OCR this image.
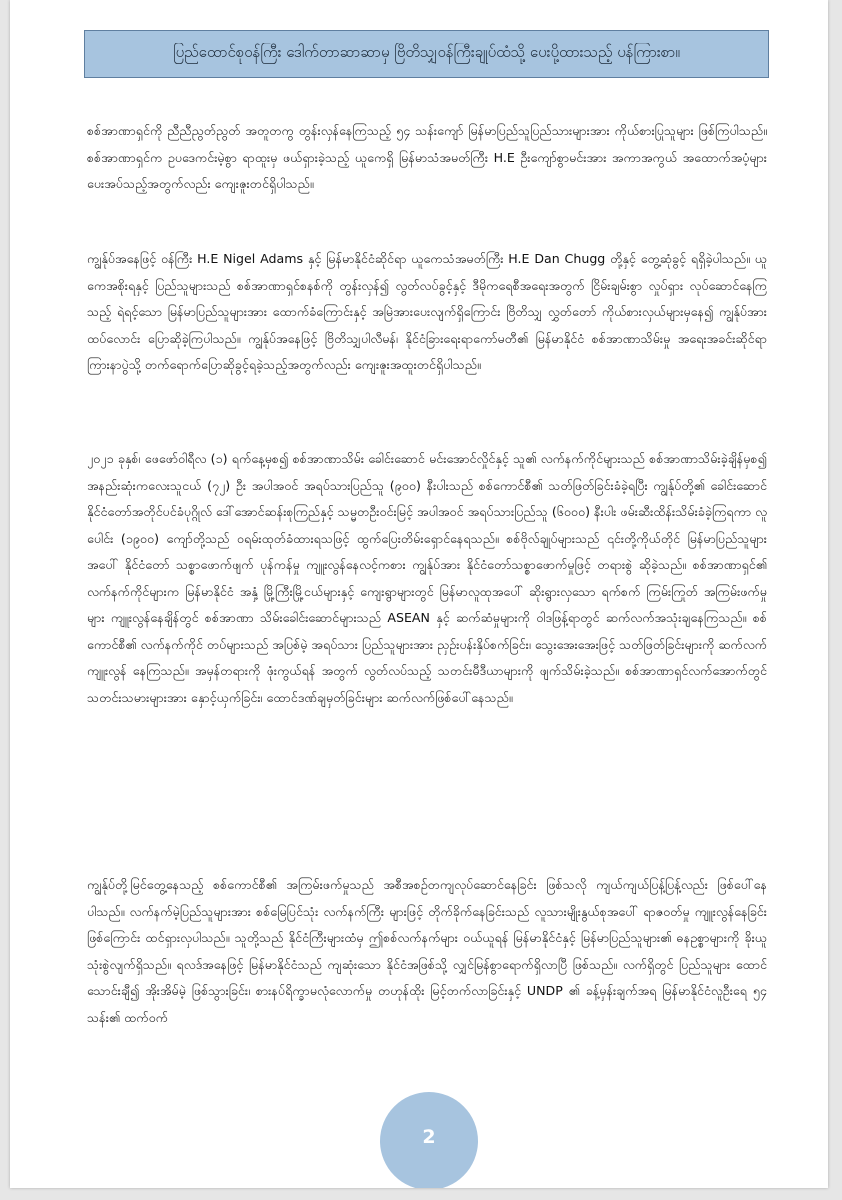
ပြည်ထောင်စုဝန်ကြီး ဒေါက်တာဆာဆာမှ ဗြိတိသျှဝန်ကြီးချုပ်ထံသို့ ပေးပို့ထားသည့် ပန်ကြားစာ။

စစ်အာဏာရှင်ကို ညီညီညွတ်ညွတ် အတူတကွ တွန်းလှန်နေကြသည့် ၅၄ သန်းကျော် မြန်မာပြည်သူပြည်သားများအား ကိုယ်စားပြုသူများ ဖြစ်ကြပါသည်။ စစ်အာဏာရှင်က ဥပဒေကင်းမဲ့စွာ ရာထူးမှ ဖယ်ရှားခဲ့သည့် ယူကေရှိ မြန်မာသံအမတ်ကြီး H.E ဦးကျော်စွာမင်းအား အကာအကွယ် အထောက်အပံ့များ ပေးအပ်သည့်အတွက်လည်း ကျေးဇူးတင်ရှိပါသည်။

ကျွန်ုပ်အနေဖြင့် ဝန်ကြီး H.E Nigel Adams နှင့် မြန်မာနိုင်ငံဆိုင်ရာ ယူကေသံအမတ်ကြီး H.E Dan Chugg တို့နှင့် တွေ့ဆုံခွင့် ရရှိခဲ့ပါသည်။ ယူကေအစိုးရနှင့် ပြည်သူများသည် စစ်အာဏာရှင်စနစ်ကို တွန်းလှန်၍ လွတ်လပ်ခွင့်နှင့် ဒီမိုကရေစီအရေးအတွက် ငြိမ်းချမ်းစွာ လှုပ်ရှား လုပ်ဆောင်နေကြသည့် ရဲရင့်သော မြန်မာပြည်သူများအား ထောက်ခံကြောင်းနှင့် အမြဲအားပေးလျက်ရှိကြောင်း ဗြိတိသျှ လွှတ်တော် ကိုယ်စားလှယ်များမှနေ၍ ကျွန်ုပ်အား ထပ်လောင်း ပြောဆိုခဲ့ကြပါသည်။ ကျွန်ုပ်အနေဖြင့် ဗြိတိသျှပါလီမန်၊ နိုင်ငံခြားရေးရာကော်မတီ၏ မြန်မာနိုင်ငံ စစ်အာဏာသိမ်းမှု အရေးအခင်းဆိုင်ရာ ကြားနာပွဲသို့ တက်ရောက်ပြောဆိုခွင့်ရခဲ့သည့်အတွက်လည်း ကျေးဇူးအထူးတင်ရှိပါသည်။

၂၀၂၁ ခုနှစ်၊ ဖေဖော်ဝါရီလ (၁) ရက်နေ့မှစ၍ စစ်အာဏာသိမ်း ခေါင်းဆောင် မင်းအောင်လှိုင်နှင့် သူ၏ လက်နက်ကိုင်များသည် စစ်အာဏာသိမ်းခဲ့ချိန်မှစ၍ အနည်းဆုံးကလေးသူငယ် (၇၂) ဦး အပါအဝင် အရပ်သားပြည်သူ (၉၀၀) နီးပါးသည် စစ်ကောင်စီ၏ သတ်ဖြတ်ခြင်းခံခဲ့ရပြီး ကျွန်ုပ်တို့၏ ခေါင်းဆောင် နိုင်ငံတော်အတိုင်ပင်ခံပုဂ္ဂိုလ် ဒေါ်အောင်ဆန်းစုကြည်နှင့် သမ္မတဦးဝင်းမြင့် အပါအဝင် အရပ်သားပြည်သူ (၆၀၀၀) နီးပါး ဖမ်းဆီးထိန်းသိမ်းခံခဲ့ကြရကာ လူပေါင်း (၁၉၀၀) ကျော်တို့သည် ဝရမ်းထုတ်ခံထားရသဖြင့် ထွက်ပြေးတိမ်းရှောင်နေရသည်။ စစ်ဗိုလ်ချုပ်များသည် ၎င်းတို့ကိုယ်တိုင် မြန်မာပြည်သူများအပေါ် နိုင်ငံတော် သစ္စာဖောက်ဖျက် ပုန်ကန်မှု ကျူးလွန်နေလင့်ကစား ကျွန်ုပ်အား နိုင်ငံတော်သစ္စာဖောက်မှုဖြင့် တရားစွဲ ဆိုခဲ့သည်။ စစ်အာဏာရှင်၏ လက်နက်ကိုင်များက မြန်မာနိုင်ငံ အနှံ့ မြို့ကြီးမြို့ငယ်များနှင့် ကျေးရွာများတွင် မြန်မာလူထုအပေါ် ဆိုးရွားလှသော ရက်စက် ကြမ်းကြုတ် အကြမ်းဖက်မှုများ ကျူးလွန်နေချိန်တွင် စစ်အာဏာ သိမ်းခေါင်းဆောင်များသည် ASEAN နှင့် ဆက်ဆံမှုများကို ဝါဒဖြန့်ရာတွင် ဆက်လက်အသုံးချနေကြသည်။ စစ်ကောင်စီ၏ လက်နက်ကိုင် တပ်များသည် အပြစ်မဲ့ အရပ်သား ပြည်သူများအား ညှဉ်းပန်းနှိပ်စက်ခြင်း၊ သွေးအေးအေးဖြင့် သတ်ဖြတ်ခြင်းများကို ဆက်လက်ကျူးလွန် နေကြသည်။ အမှန်တရားကို ဖုံးကွယ်ရန် အတွက် လွတ်လပ်သည့် သတင်းမီဒီယာများကို ဖျက်သိမ်းခဲ့သည်။ စစ်အာဏာရှင်လက်အောက်တွင် သတင်းသမားများအား နှောင့်ယှက်ခြင်း၊ ထောင်ဒဏ်ချမှတ်ခြင်းများ ဆက်လက်ဖြစ်ပေါ်နေသည်။

ကျွန်ုပ်တို့မြင်တွေ့နေသည့် စစ်ကောင်စီ၏ အကြမ်းဖက်မှုသည် အစီအစဉ်တကျလုပ်ဆောင်နေခြင်း ဖြစ်သလို ကျယ်ကျယ်ပြန့်ပြန့်လည်း ဖြစ်ပေါ်နေပါသည်။ လက်နက်မဲ့ပြည်သူများအား စစ်မြေပြင်သုံး လက်နက်ကြီး များဖြင့် တိုက်ခိုက်နေခြင်းသည် လူသားမျိုးနွယ်စုအပေါ် ရာဇဝတ်မှု ကျူးလွန်နေခြင်း ဖြစ်ကြောင်း ထင်ရှားလှပါသည်။ သူတို့သည် နိုင်ငံကြီးများထံမှ ဤစစ်လက်နက်များ ဝယ်ယူရန် မြန်မာနိုင်ငံနှင့် မြန်မာပြည်သူများ၏ ဓနဥစ္စာများကို ခိုးယူသုံးစွဲလျက်ရှိသည်။ ရလဒ်အနေဖြင့် မြန်မာနိုင်ငံသည် ကျဆုံးသော နိုင်ငံအဖြစ်သို့ လျှင်မြန်စွာရောက်ရှိလာပြီ ဖြစ်သည်။ လက်ရှိတွင် ပြည်သူများ ထောင်သောင်းချီ၍ အိုးအိမ်မဲ့ ဖြစ်သွားခြင်း၊ စားနပ်ရိက္ခာမလုံလောက်မှု တဟုန်ထိုး မြင့်တက်လာခြင်းနှင့် UNDP ၏ ခန့်မှန်းချက်အရ မြန်မာနိုင်ငံလူဦးရေ ၅၄ သန်း၏ ထက်ဝက်

2
